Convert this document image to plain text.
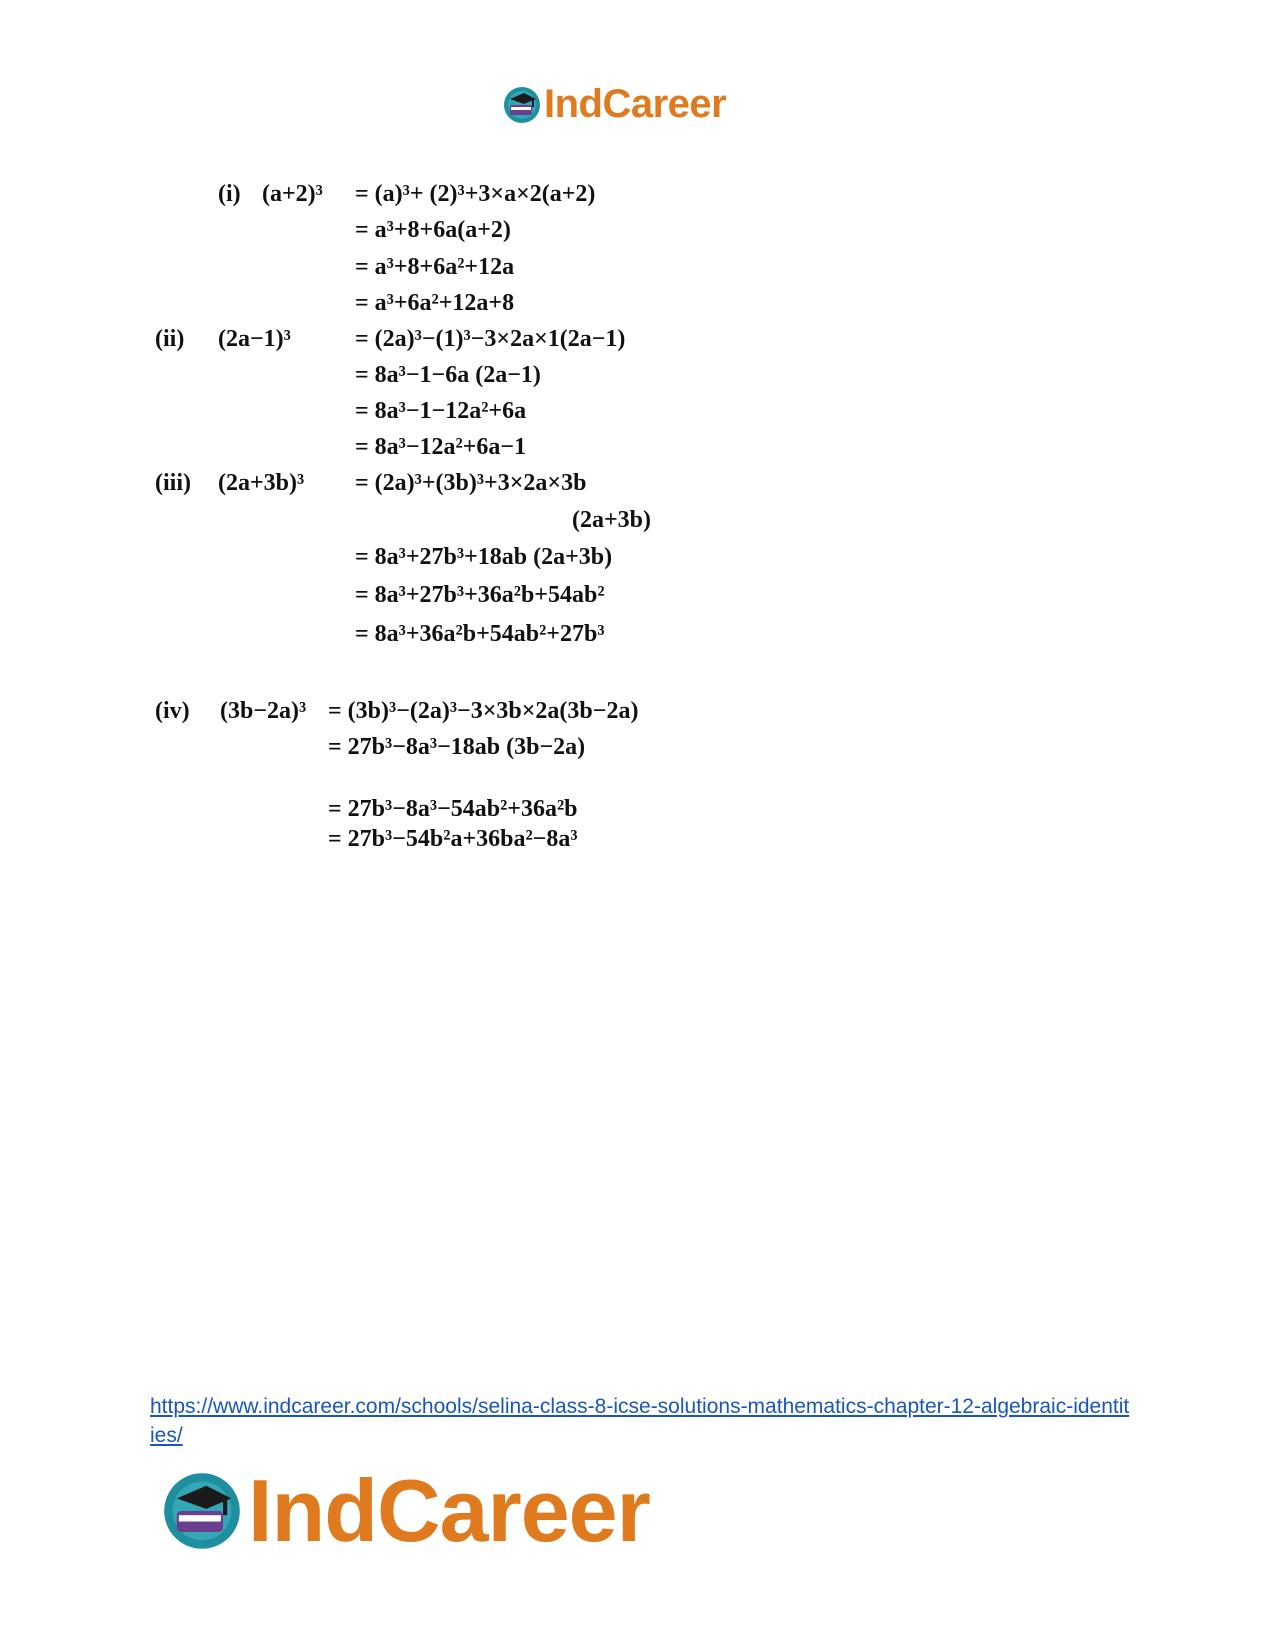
IndCareer
(i) (a+2)³ = (a)³+ (2)³+3×a×2(a+2)
= a³+8+6a(a+2)
= a³+8+6a²+12a
= a³+6a²+12a+8
(ii) (2a−1)³	= (2a)³−(1)³−3×2a×1(2a−1)
= 8a³−1−6a (2a−1)
= 8a³−1−12a²+6a
= 8a³−12a²+6a−1
(iii) (2a+3b)³ = (2a)³+(3b)³+3×2a×3b
(2a+3b)
= 8a³+27b³+18ab (2a+3b)
= 8a³+27b³+36a²b+54ab²
= 8a³+36a²b+54ab²+27b³
(iv) (3b−2a)³ = (3b)³−(2a)³−3×3b×2a(3b−2a)
= 27b³−8a³−18ab (3b−2a)
= 27b³−8a³−54ab²+36a²b
= 27b³−54b²a+36ba²−8a³
https://www.indcareer.com/schools/selina-class-8-icse-solutions-mathematics-chapter-12-algebraic-identities/
IndCareer
